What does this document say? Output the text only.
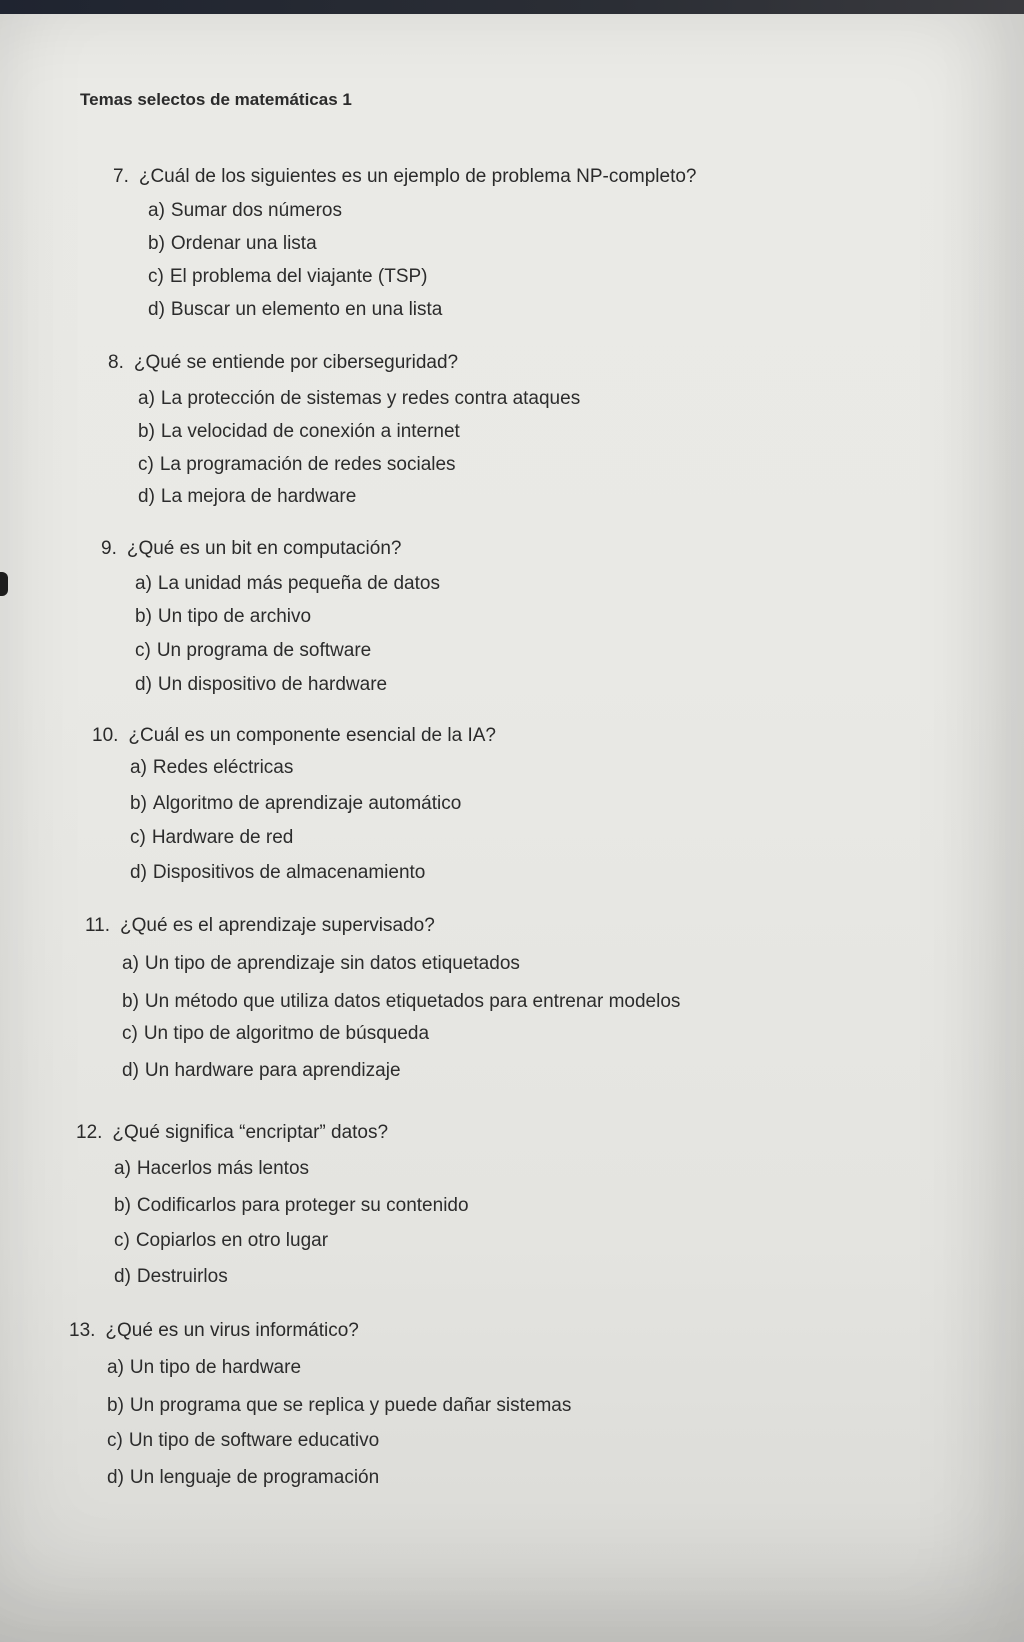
Temas selectos de matemáticas 1
7. ¿Cuál de los siguientes es un ejemplo de problema NP-completo?
a) Sumar dos números
b) Ordenar una lista
c) El problema del viajante (TSP)
d) Buscar un elemento en una lista
8. ¿Qué se entiende por ciberseguridad?
a) La protección de sistemas y redes contra ataques
b) La velocidad de conexión a internet
c) La programación de redes sociales
d) La mejora de hardware
9. ¿Qué es un bit en computación?
a) La unidad más pequeña de datos
b) Un tipo de archivo
c) Un programa de software
d) Un dispositivo de hardware
10. ¿Cuál es un componente esencial de la IA?
a) Redes eléctricas
b) Algoritmo de aprendizaje automático
c) Hardware de red
d) Dispositivos de almacenamiento
11. ¿Qué es el aprendizaje supervisado?
a) Un tipo de aprendizaje sin datos etiquetados
b) Un método que utiliza datos etiquetados para entrenar modelos
c) Un tipo de algoritmo de búsqueda
d) Un hardware para aprendizaje
12. ¿Qué significa “encriptar” datos?
a) Hacerlos más lentos
b) Codificarlos para proteger su contenido
c) Copiarlos en otro lugar
d) Destruirlos
13. ¿Qué es un virus informático?
a) Un tipo de hardware
b) Un programa que se replica y puede dañar sistemas
c) Un tipo de software educativo
d) Un lenguaje de programación
